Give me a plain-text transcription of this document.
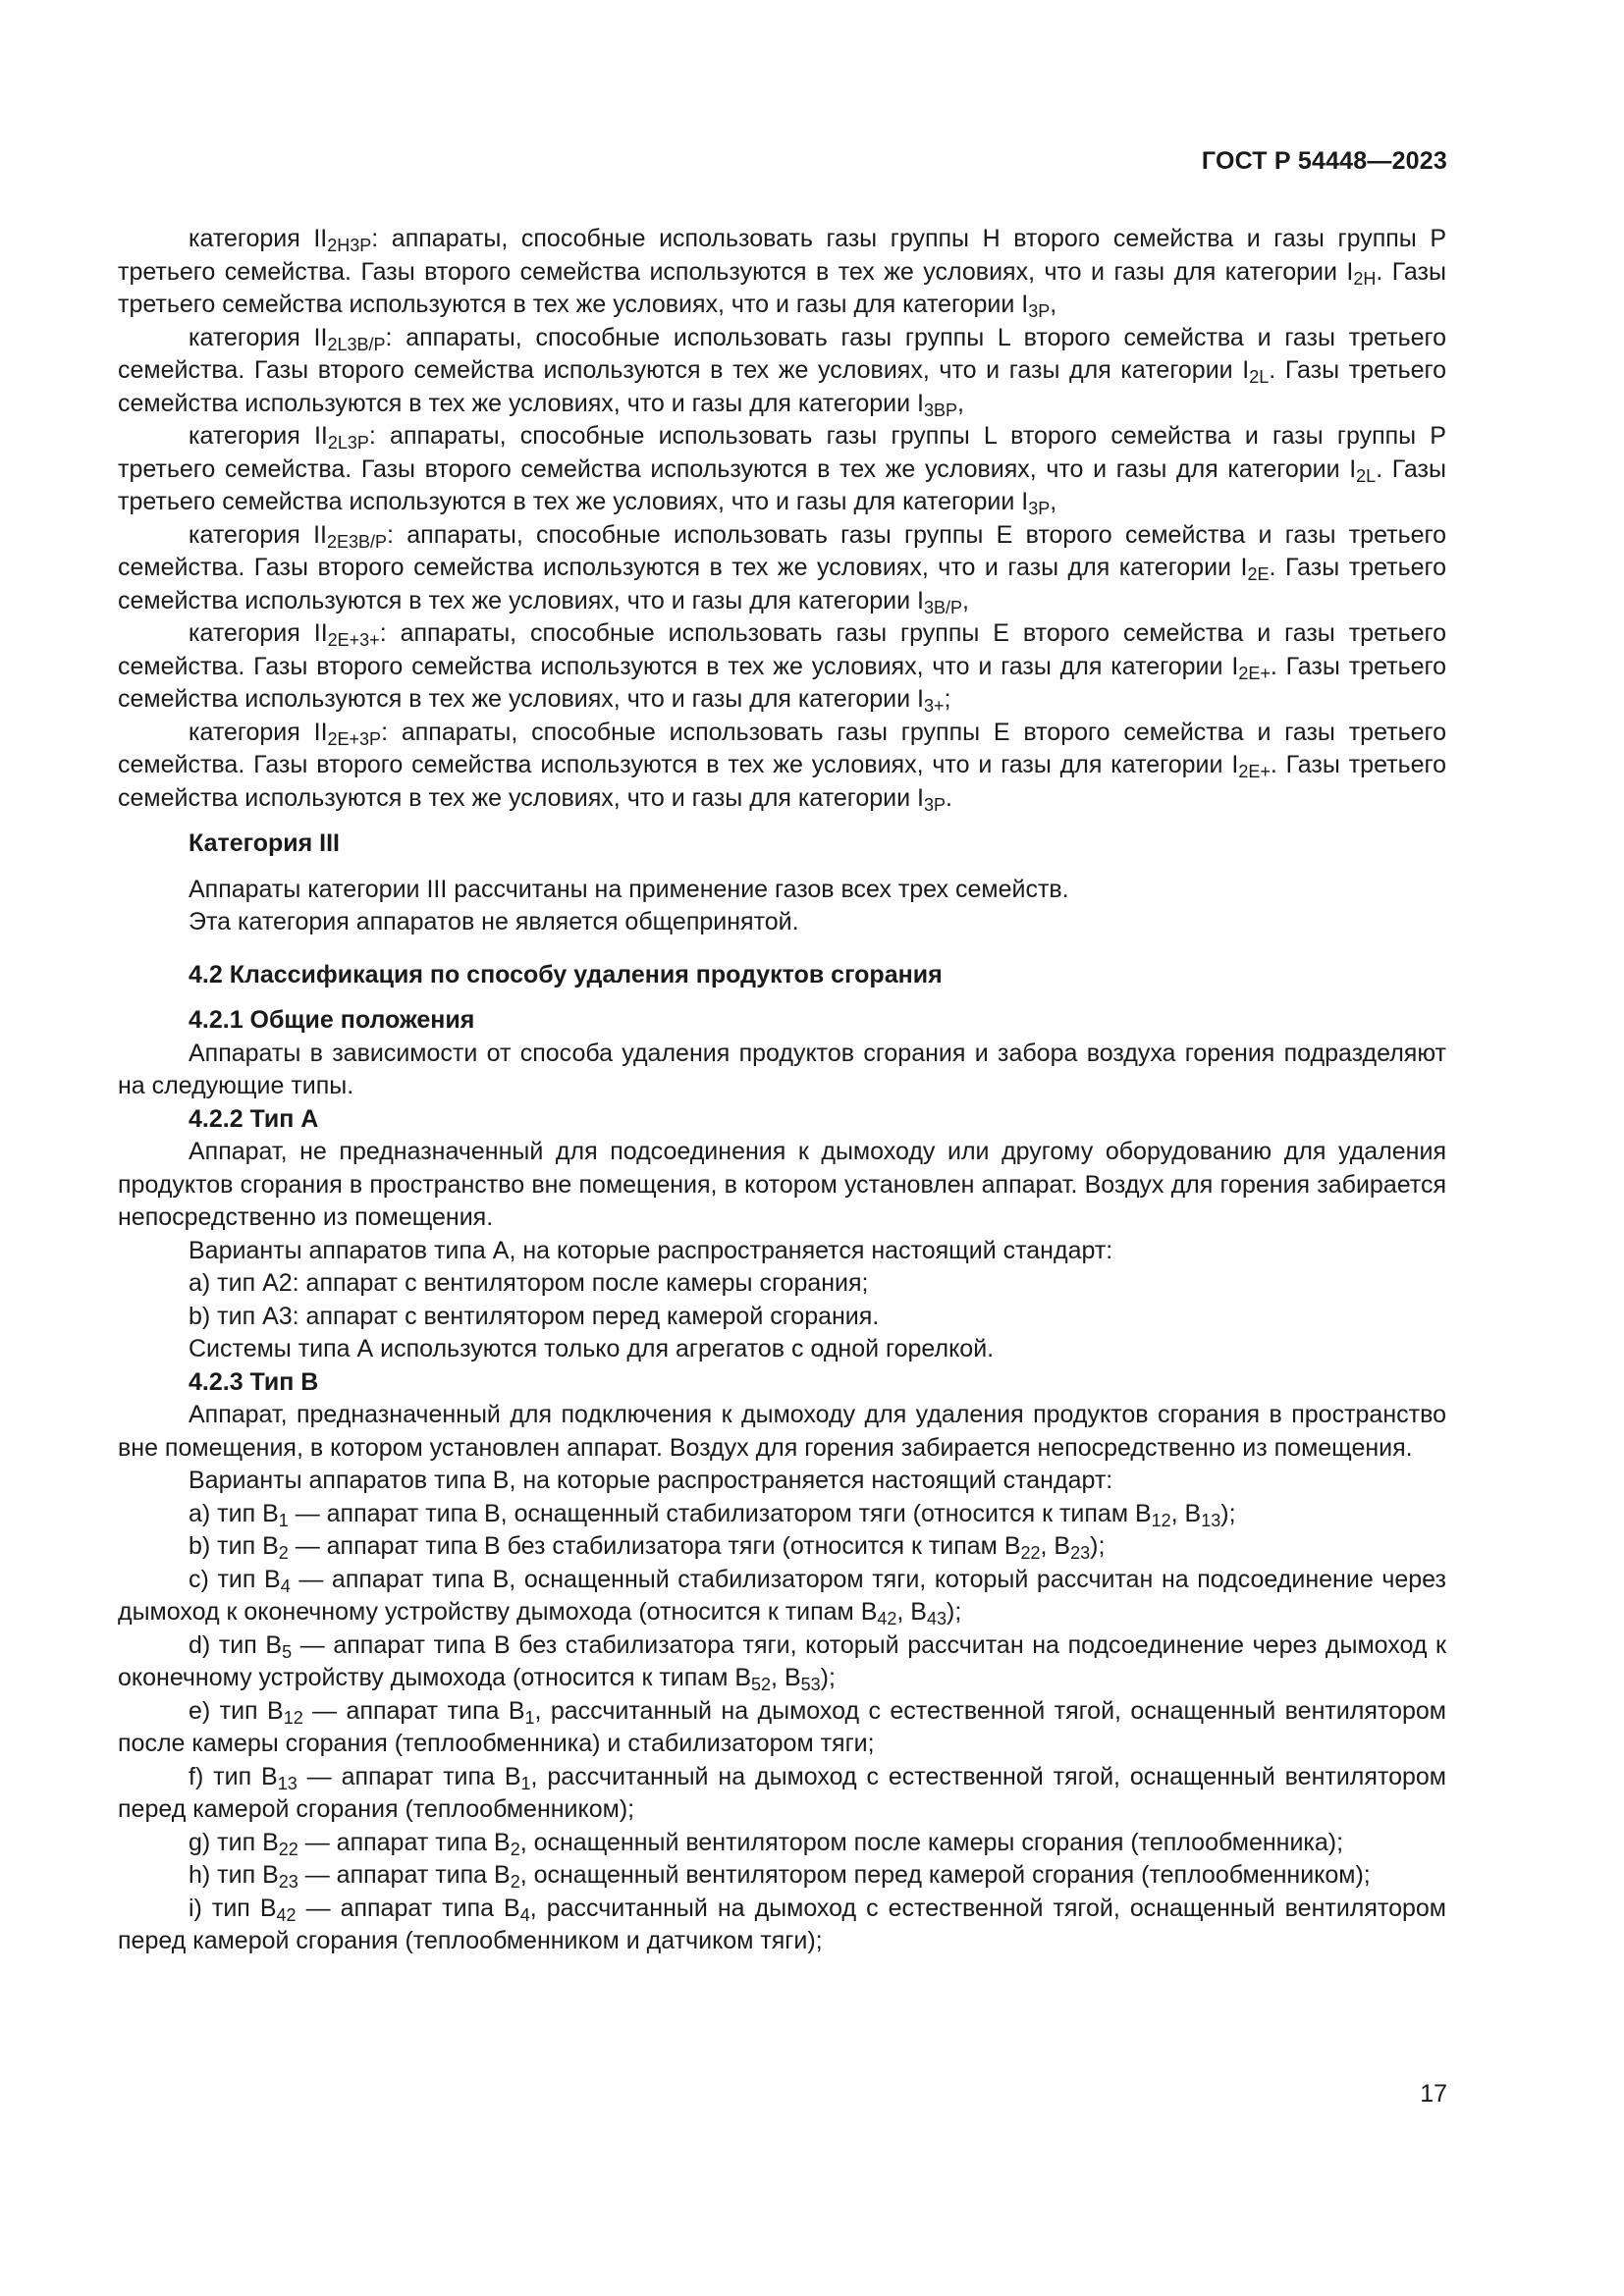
ГОСТ Р 54448—2023

категория $II_{2H3P}$: аппараты, способные использовать газы группы Н второго семейства и газы группы Р третьего семейства. Газы второго семейства используются в тех же условиях, что и газы для категории $I_{2H}$. Газы третьего семейства используются в тех же условиях, что и газы для категории $I_{3P}$,

категория $II_{2L3B/P}$: аппараты, способные использовать газы группы L второго семейства и газы третьего семейства. Газы второго семейства используются в тех же условиях, что и газы для категории $I_{2L}$. Газы третьего семейства используются в тех же условиях, что и газы для категории $I_{3BP}$,

категория $II_{2L3P}$: аппараты, способные использовать газы группы L второго семейства и газы группы Р третьего семейства. Газы второго семейства используются в тех же условиях, что и газы для категории $I_{2L}$. Газы третьего семейства используются в тех же условиях, что и газы для категории $I_{3P}$,

категория $II_{2E3B/P}$: аппараты, способные использовать газы группы Е второго семейства и газы третьего семейства. Газы второго семейства используются в тех же условиях, что и газы для категории $I_{2E}$. Газы третьего семейства используются в тех же условиях, что и газы для категории $I_{3B/P}$,

категория $II_{2E+3+}$: аппараты, способные использовать газы группы Е второго семейства и газы третьего семейства. Газы второго семейства используются в тех же условиях, что и газы для категории $I_{2E+}$. Газы третьего семейства используются в тех же условиях, что и газы для категории $I_{3+}$;

категория $II_{2E+3P}$: аппараты, способные использовать газы группы Е второго семейства и газы третьего семейства. Газы второго семейства используются в тех же условиях, что и газы для категории $I_{2E+}$. Газы третьего семейства используются в тех же условиях, что и газы для категории $I_{3P}$.

Категория III

Аппараты категории III рассчитаны на применение газов всех трех семейств.

Эта категория аппаратов не является общепринятой.

4.2 Классификация по способу удаления продуктов сгорания

4.2.1 Общие положения

Аппараты в зависимости от способа удаления продуктов сгорания и забора воздуха горения подразделяют на следующие типы.

4.2.2 Тип А

Аппарат, не предназначенный для подсоединения к дымоходу или другому оборудованию для удаления продуктов сгорания в пространство вне помещения, в котором установлен аппарат. Воздух для горения забирается непосредственно из помещения.

Варианты аппаратов типа А, на которые распространяется настоящий стандарт:

a) тип А2: аппарат с вентилятором после камеры сгорания;

b) тип А3: аппарат с вентилятором перед камерой сгорания.

Системы типа А используются только для агрегатов с одной горелкой.

4.2.3 Тип В

Аппарат, предназначенный для подключения к дымоходу для удаления продуктов сгорания в пространство вне помещения, в котором установлен аппарат. Воздух для горения забирается непосредственно из помещения.

Варианты аппаратов типа В, на которые распространяется настоящий стандарт:

a) тип $В_1$ — аппарат типа В, оснащенный стабилизатором тяги (относится к типам $В_{12}$, $В_{13}$);

b) тип $В_2$ — аппарат типа В без стабилизатора тяги (относится к типам $В_{22}$, $В_{23}$);

c) тип $В_4$ — аппарат типа В, оснащенный стабилизатором тяги, который рассчитан на подсоединение через дымоход к оконечному устройству дымохода (относится к типам $В_{42}$, $В_{43}$);

d) тип $В_5$ — аппарат типа В без стабилизатора тяги, который рассчитан на подсоединение через дымоход к оконечному устройству дымохода (относится к типам $В_{52}$, $В_{53}$);

e) тип $В_{12}$ — аппарат типа $В_1$, рассчитанный на дымоход с естественной тягой, оснащенный вентилятором после камеры сгорания (теплообменника) и стабилизатором тяги;

f) тип $В_{13}$ — аппарат типа $В_1$, рассчитанный на дымоход с естественной тягой, оснащенный вентилятором перед камерой сгорания (теплообменником);

g) тип $В_{22}$ — аппарат типа $В_2$, оснащенный вентилятором после камеры сгорания (теплообменника);

h) тип $В_{23}$ — аппарат типа $В_2$, оснащенный вентилятором перед камерой сгорания (теплообменником);

i) тип $В_{42}$ — аппарат типа $В_4$, рассчитанный на дымоход с естественной тягой, оснащенный вентилятором перед камерой сгорания (теплообменником и датчиком тяги);

17
